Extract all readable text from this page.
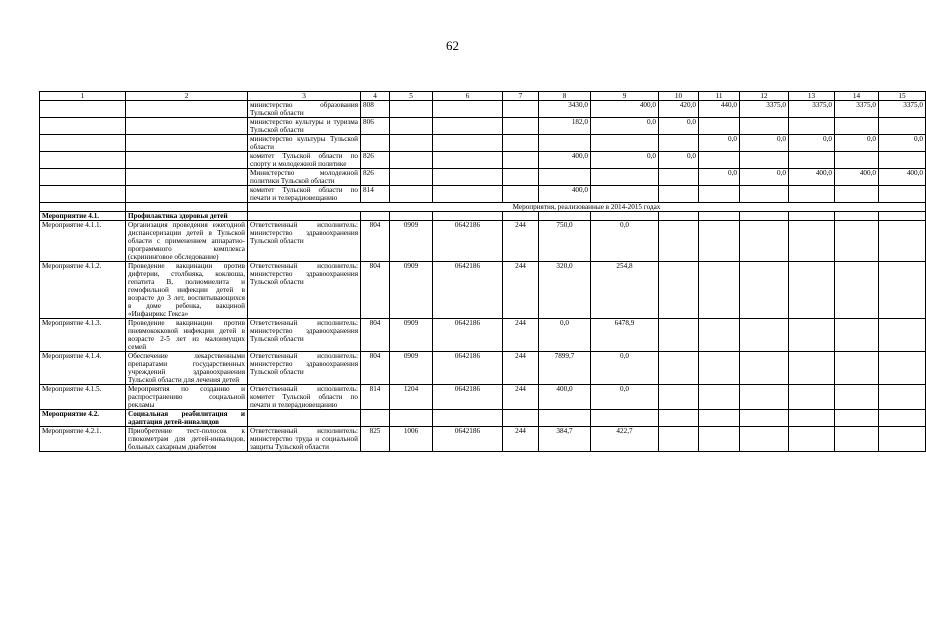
62
1	2	3	4	5	6	7	8	9	10	11	12	13	14	15
		министерство образования Тульской области	808				3430,0	400,0	420,0	440,0	3375,0	3375,0	3375,0	3375,0
		министерство культуры и туризма Тульской области	806				182,0	0,0	0,0					
		министерство культуры Тульской области								0,0	0,0	0,0	0,0	0,0
		комитет Тульской области по спорту и молодежной политике	826				400,0	0,0	0,0					
		Министерство молодежной политики Тульской области	826							0,0	0,0	400,0	400,0	400,0
		комитет Тульской области по печати и телерадиовещанию	814				400,0							
		Мероприятия, реализованные в 2014-2015 годах												
Мероприятие 4.1.	Профилактика здоровья детей													
Мероприятие 4.1.1.	Организация проведения ежегодной диспансеризации детей в Тульской области с применением аппаратно-программного комплекса (скрининговое обследование)	Ответственный исполнитель: министерство здравоохранения Тульской области	804	0909	0642186	244	750,0	0,0						
Мероприятие 4.1.2.	Проведение вакцинации против дифтерии, столбняка, коклюша, гепатита В, полиомиелита и гемофильной инфекции детей в возрасте до 3 лет, воспитывающихся в доме ребенка, вакциной «Инфанрикс Гекса»	Ответственный исполнитель: министерство здравоохранения Тульской области	804	0909	0642186	244	320,0	254,8						
Мероприятие 4.1.3.	Проведение вакцинации против пневмококковой инфекции детей в возрасте 2-5 лет из малоимущих семей	Ответственный исполнитель: министерство здравоохранения Тульской области	804	0909	0642186	244	0,0	6478,9						
Мероприятие 4.1.4.	Обеспечение лекарственными препаратами государственных учреждений здравоохранения Тульской области для лечения детей	Ответственный исполнитель: министерство здравоохранения Тульской области	804	0909	0642186	244	7899,7	0,0						
Мероприятие 4.1.5.	Мероприятия по созданию и распространению социальной рекламы	Ответственный исполнитель: комитет Тульской области по печати и телерадиовещанию	814	1204	0642186	244	400,0	0,0						
Мероприятие 4.2.	Социальная реабилитация и адаптация детей-инвалидов													
Мероприятие 4.2.1.	Приобретение тест-полосок к глюкометрам для детей-инвалидов, больных сахарным диабетом	Ответственный исполнитель: министерство труда и социальной защиты Тульской области	825	1006	0642186	244	384,7	422,7						
